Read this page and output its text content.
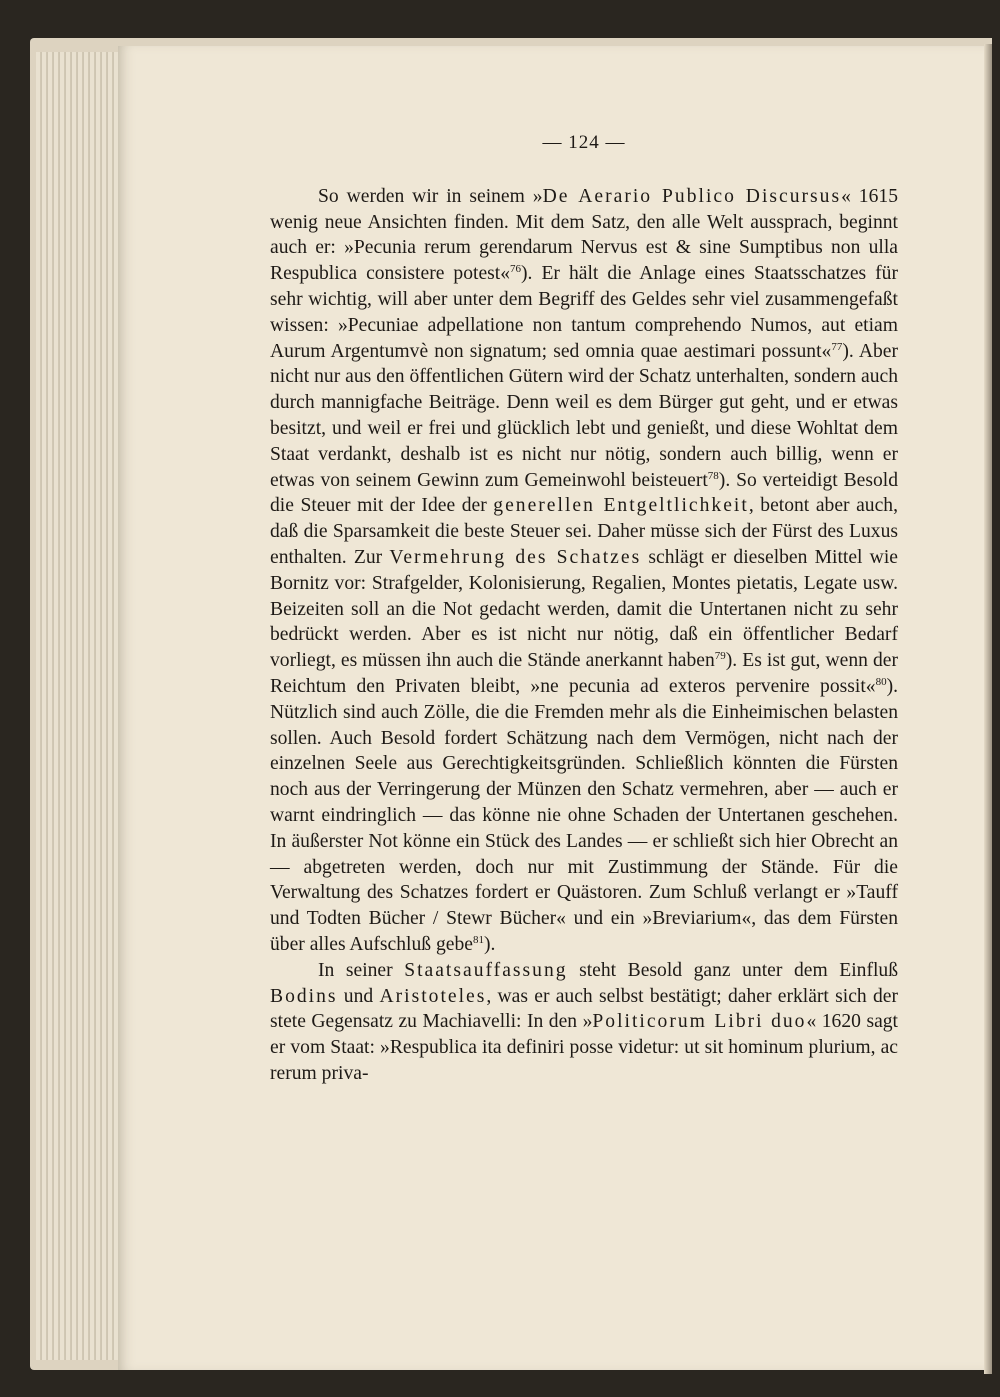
— 124 —

So werden wir in seinem »De Aerario Publico Discursus« 1615 wenig neue Ansichten finden. Mit dem Satz, den alle Welt aussprach, beginnt auch er: »Pecunia rerum gerendarum Nervus est & sine Sumptibus non ulla Respublica consistere potest«$^{76}$). Er hält die Anlage eines Staatsschatzes für sehr wichtig, will aber unter dem Begriff des Geldes sehr viel zusammengefaßt wissen: »Pecuniae adpellatione non tantum comprehendo Numos, aut etiam Aurum Argentumvè non signatum; sed omnia quae aestimari possunt«$^{77}$). Aber nicht nur aus den öffentlichen Gütern wird der Schatz unterhalten, sondern auch durch mannigfache Beiträge. Denn weil es dem Bürger gut geht, und er etwas besitzt, und weil er frei und glücklich lebt und genießt, und diese Wohltat dem Staat verdankt, deshalb ist es nicht nur nötig, sondern auch billig, wenn er etwas von seinem Gewinn zum Gemeinwohl beisteuert$^{78}$). So verteidigt Besold die Steuer mit der Idee der generellen Entgeltlichkeit, betont aber auch, daß die Sparsamkeit die beste Steuer sei. Daher müsse sich der Fürst des Luxus enthalten. Zur Vermehrung des Schatzes schlägt er dieselben Mittel wie Bornitz vor: Strafgelder, Kolonisierung, Regalien, Montes pietatis, Legate usw. Beizeiten soll an die Not gedacht werden, damit die Untertanen nicht zu sehr bedrückt werden. Aber es ist nicht nur nötig, daß ein öffentlicher Bedarf vorliegt, es müssen ihn auch die Stände anerkannt haben$^{79}$). Es ist gut, wenn der Reichtum den Privaten bleibt, »ne pecunia ad exteros pervenire possit«$^{80}$). Nützlich sind auch Zölle, die die Fremden mehr als die Einheimischen belasten sollen. Auch Besold fordert Schätzung nach dem Vermögen, nicht nach der einzelnen Seele aus Gerechtigkeitsgründen. Schließlich könnten die Fürsten noch aus der Verringerung der Münzen den Schatz vermehren, aber — auch er warnt eindringlich — das könne nie ohne Schaden der Untertanen geschehen. In äußerster Not könne ein Stück des Landes — er schließt sich hier Obrecht an — abgetreten werden, doch nur mit Zustimmung der Stände. Für die Verwaltung des Schatzes fordert er Quästoren. Zum Schluß verlangt er »Tauff und Todten Bücher / Stewr Bücher« und ein »Breviarium«, das dem Fürsten über alles Aufschluß gebe$^{81}$).

In seiner Staatsauffassung steht Besold ganz unter dem Einfluß Bodins und Aristoteles, was er auch selbst bestätigt; daher erklärt sich der stete Gegensatz zu Machiavelli: In den »Politicorum Libri duo« 1620 sagt er vom Staat: »Respublica ita definiri posse videtur: ut sit hominum plurium, ac rerum priva-
